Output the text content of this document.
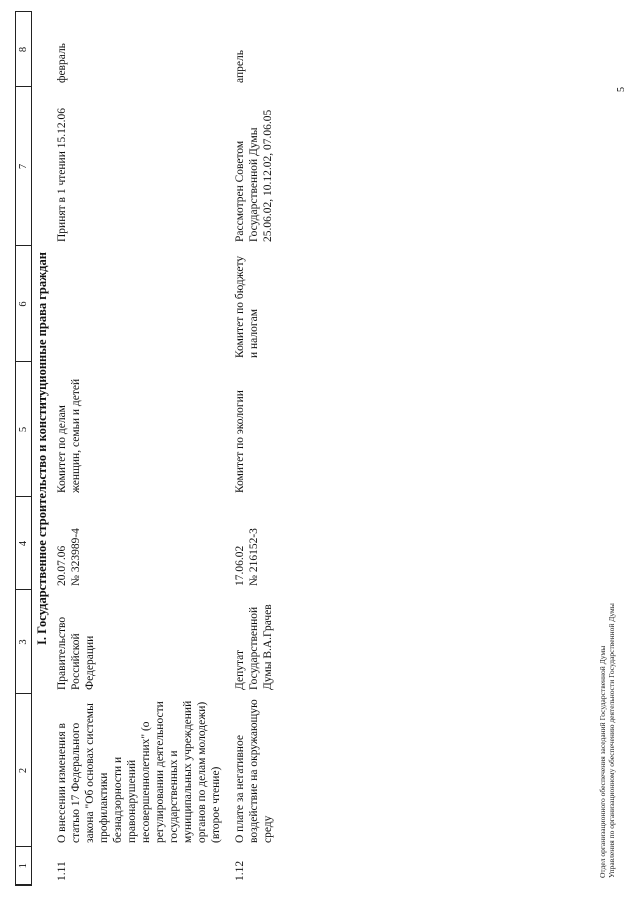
1	2	3	4	5	6	7	8
I. Государственное строительство и конституционные права граждан							
1.11	О внесении изменения в статью 17 Федерального закона "Об основах системы профилактики безнадзорности и правонарушений несовершеннолетних" (о регулировании деятельности государственных и муниципальных учреждений органов по делам молодежи) (второе чтение)	Правительство Российской Федерации	20.07.06 № 323989-4	Комитет по делам женщин, семьи и детей		Принят в 1 чтении 15.12.06	февраль
1.12	О плате за негативное воздействие на окружающую среду	Депутат Государственной Думы В.А.Грачев	17.06.02 № 216152-3	Комитет по экологии	Комитет по бюджету и налогам	Рассмотрен Советом Государственной Думы 25.06.02, 10.12.02, 07.06.05	апрель
Отдел организационного обеспечения заседаний Государственной Думы Управления по организационному обеспечению деятельности Государственной Думы
5
